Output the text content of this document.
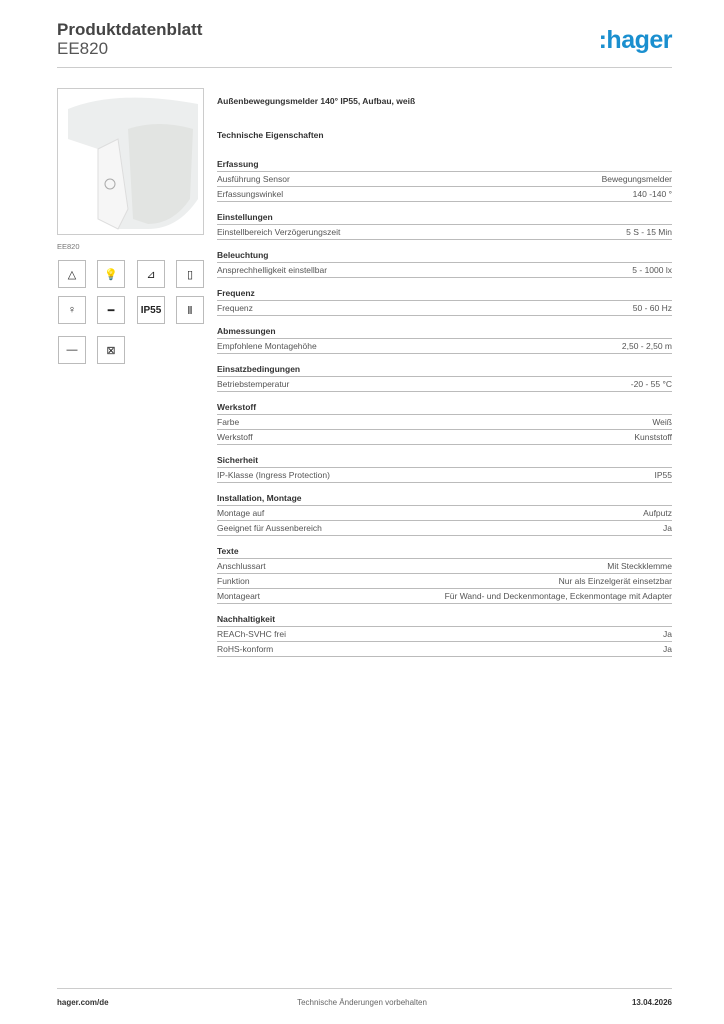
Produktdatenblatt
EE820	:hager
EE820
△	💡	⊿	▯
♀	━	IP55	Ⅱ
—	⊠
Außenbewegungsmelder 140° IP55, Aufbau, weiß
Technische Eigenschaften
Erfassung
Ausführung Sensor	Bewegungsmelder
Erfassungswinkel	140 -140 °
Einstellungen
Einstellbereich Verzögerungszeit	5 S - 15 Min
Beleuchtung
Ansprechhelligkeit einstellbar	5 - 1000 lx
Frequenz
Frequenz	50 - 60 Hz
Abmessungen
Empfohlene Montagehöhe	2,50 - 2,50 m
Einsatzbedingungen
Betriebstemperatur	-20 - 55 °C
Werkstoff
Farbe	Weiß
Werkstoff	Kunststoff
Sicherheit
IP-Klasse (Ingress Protection)	IP55
Installation, Montage
Montage auf	Aufputz
Geeignet für Aussenbereich	Ja
Texte
Anschlussart	Mit Steckklemme
Funktion	Nur als Einzelgerät einsetzbar
Montageart	Für Wand- und Deckenmontage, Eckenmontage mit Adapter
Nachhaltigkeit
REACh-SVHC frei	Ja
RoHS-konform	Ja
hager.com/de	Technische Änderungen vorbehalten	13.04.2026
